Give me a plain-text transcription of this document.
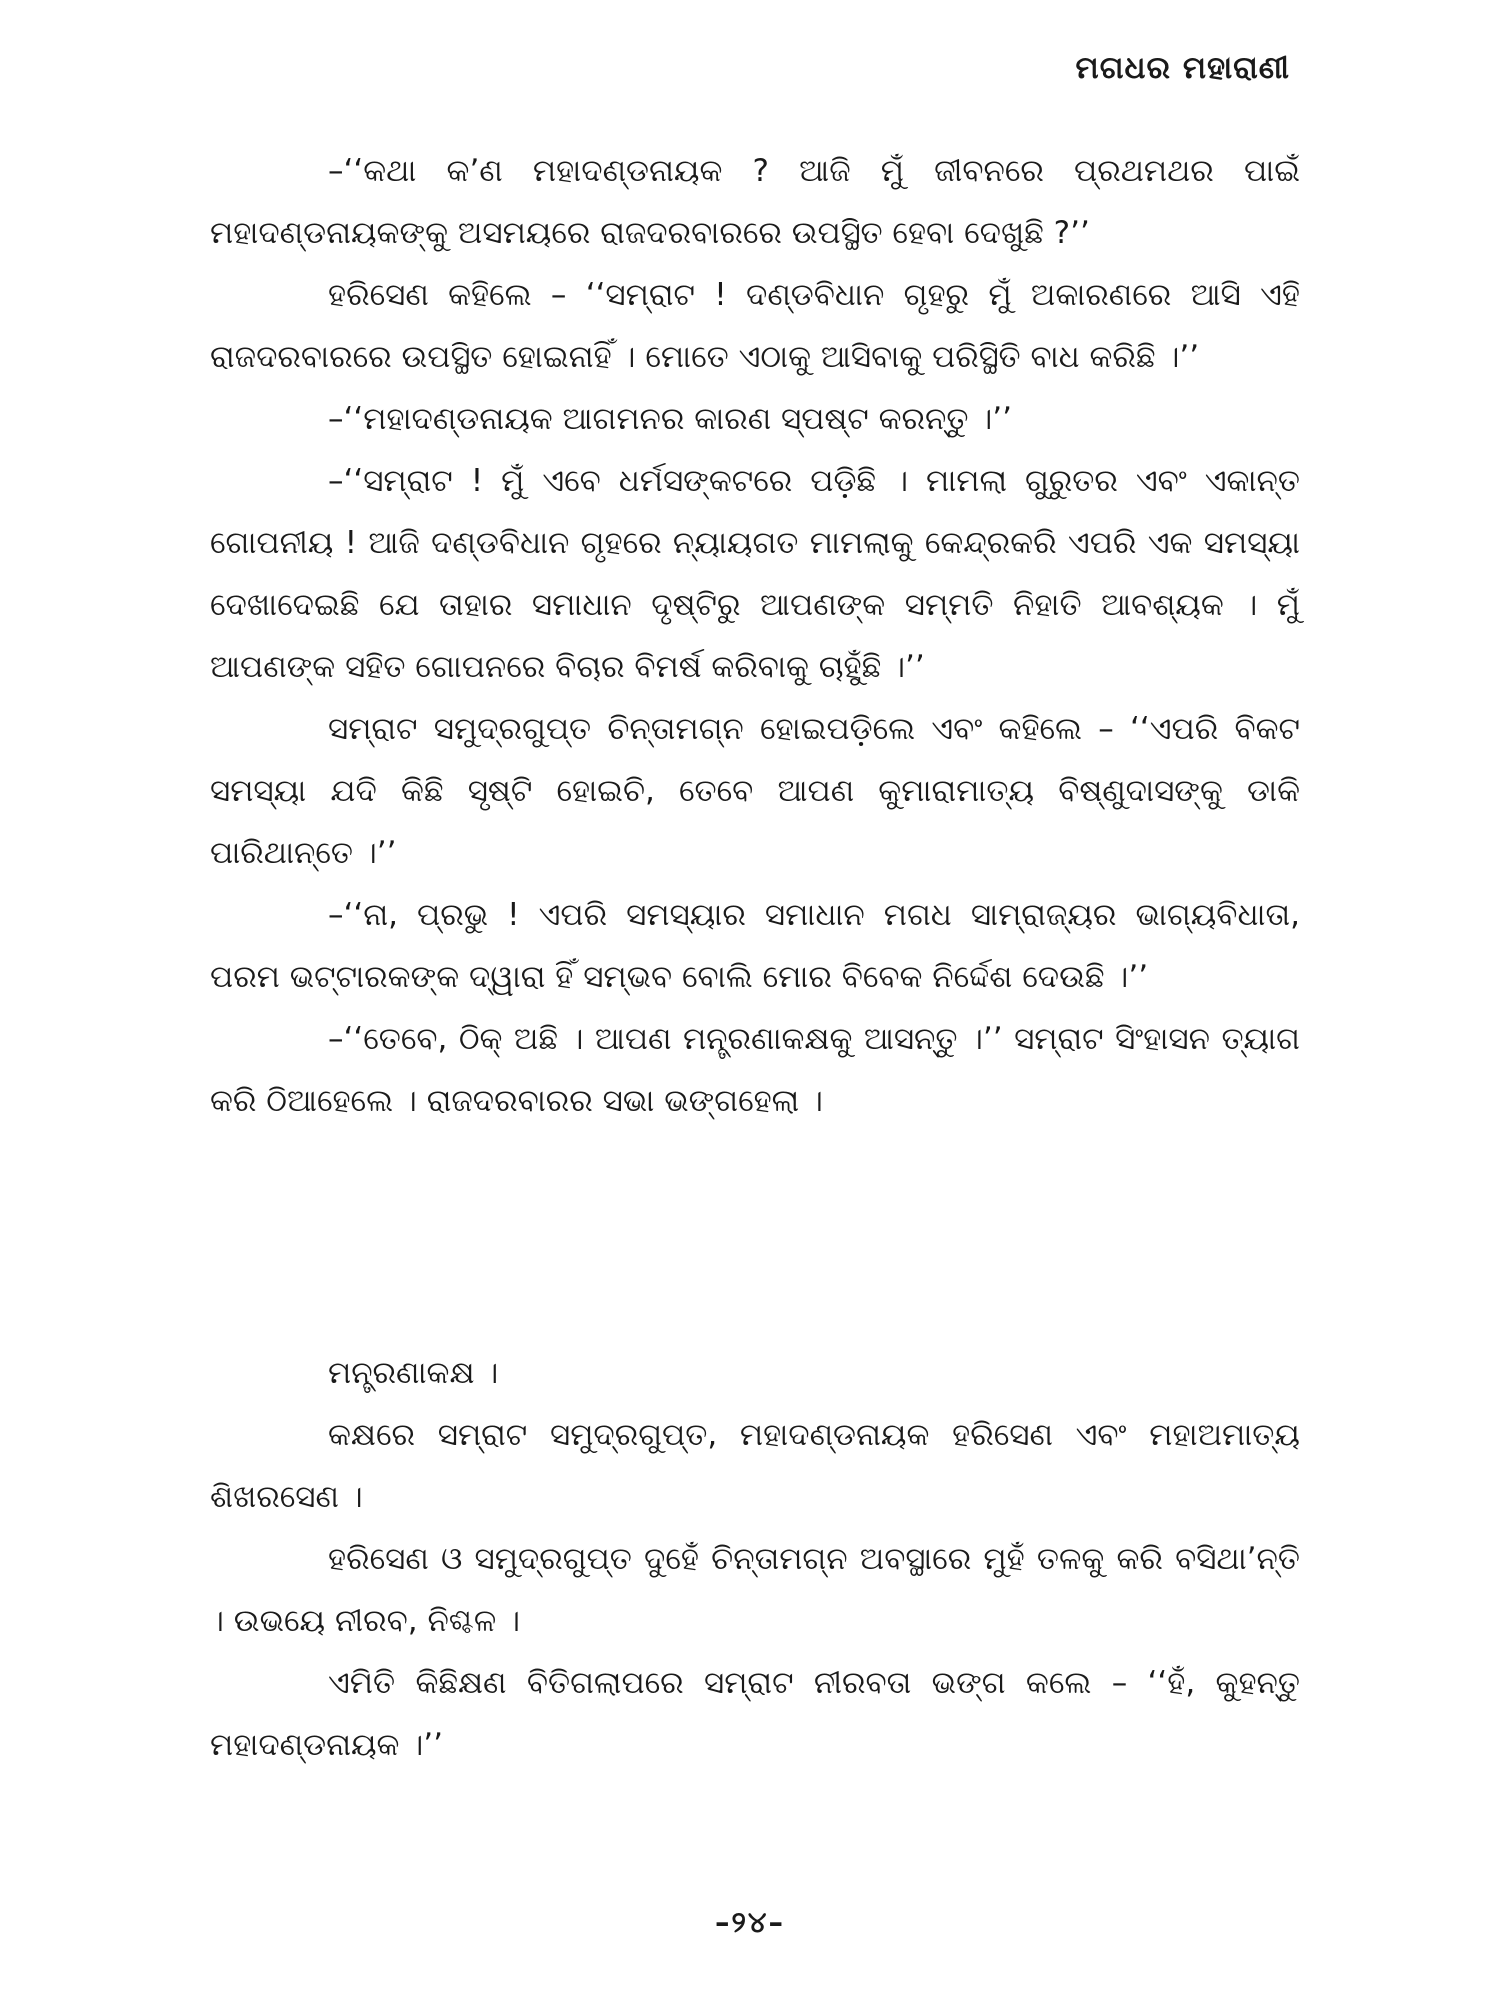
ମଗଧର ମହାରାଣୀ

–‘‘କଥା କ’ଣ ମହାଦଣ୍ଡନାୟକ ? ଆଜି ମୁଁ ଜୀବନରେ ପ୍ରଥମଥର ପାଇଁ ମହାଦଣ୍ଡନାୟକଙ୍କୁ ଅସମୟରେ ରାଜଦରବାରରେ ଉପସ୍ଥିତ ହେବା ଦେଖୁଛି ?’’

ହରିସେଣ କହିଲେ – ‘‘ସମ୍ରାଟ ! ଦଣ୍ଡବିଧାନ ଗୃହରୁ ମୁଁ ଅକାରଣରେ ଆସି ଏହି ରାଜଦରବାରରେ ଉପସ୍ଥିତ ହୋଇନାହିଁ । ମୋତେ ଏଠାକୁ ଆସିବାକୁ ପରିସ୍ଥିତି ବାଧ କରିଛି ।’’

–‘‘ମହାଦଣ୍ଡନାୟକ ଆଗମନର କାରଣ ସ୍ପଷ୍ଟ କରନ୍ତୁ ।’’

–‘‘ସମ୍ରାଟ ! ମୁଁ ଏବେ ଧର୍ମସଙ୍କଟରେ ପଡ଼ିଛି । ମାମଲା ଗୁରୁତର ଏବଂ ଏକାନ୍ତ ଗୋପନୀୟ ! ଆଜି ଦଣ୍ଡବିଧାନ ଗୃହରେ ନ୍ୟାୟଗତ ମାମଲାକୁ କେନ୍ଦ୍ରକରି ଏପରି ଏକ ସମସ୍ୟା ଦେଖାଦେଇଛି ଯେ ତାହାର ସମାଧାନ ଦୃଷ୍ଟିରୁ ଆପଣଙ୍କ ସମ୍ମତି ନିହାତି ଆବଶ୍ୟକ । ମୁଁ ଆପଣଙ୍କ ସହିତ ଗୋପନରେ ବିଚାର ବିମର୍ଷ କରିବାକୁ ଚାହୁଁଛି ।’’

ସମ୍ରାଟ ସମୁଦ୍ରଗୁପ୍ତ ଚିନ୍ତାମଗ୍ନ ହୋଇପଡ଼ିଲେ ଏବଂ କହିଲେ – ‘‘ଏପରି ବିକଟ ସମସ୍ୟା ଯଦି କିଛି ସୃଷ୍ଟି ହୋଇଚି, ତେବେ ଆପଣ କୁମାରାମାତ୍ୟ ବିଷ୍ଣୁଦାସଙ୍କୁ ଡାକି ପାରିଥାନ୍ତେ ।’’

–‘‘ନା, ପ୍ରଭୁ ! ଏପରି ସମସ୍ୟାର ସମାଧାନ ମଗଧ ସାମ୍ରାଜ୍ୟର ଭାଗ୍ୟବିଧାତା, ପରମ ଭଟ୍ଟାରକଙ୍କ ଦ୍ୱାରା ହିଁ ସମ୍ଭବ ବୋଲି ମୋର ବିବେକ ନିର୍ଦ୍ଦେଶ ଦେଉଛି ।’’

–‘‘ତେବେ, ଠିକ୍ ଅଛି । ଆପଣ ମନ୍ତ୍ରଣାକକ୍ଷକୁ ଆସନ୍ତୁ ।’’ ସମ୍ରାଟ ସିଂହାସନ ତ୍ୟାଗ କରି ଠିଆହେଲେ । ରାଜଦରବାରର ସଭା ଭଙ୍ଗହେଲା ।

ମନ୍ତ୍ରଣାକକ୍ଷ ।

କକ୍ଷରେ ସମ୍ରାଟ ସମୁଦ୍ରଗୁପ୍ତ, ମହାଦଣ୍ଡନାୟକ ହରିସେଣ ଏବଂ ମହାଅମାତ୍ୟ ଶିଖରସେଣ ।

ହରିସେଣ ଓ ସମୁଦ୍ରଗୁପ୍ତ ଦୁହେଁ ଚିନ୍ତାମଗ୍ନ ଅବସ୍ଥାରେ ମୁହଁ ତଳକୁ କରି ବସିଥା’ନ୍ତି । ଉଭୟେ ନୀରବ, ନିଶ୍ଚଳ ।

ଏମିତି କିଛିକ୍ଷଣ ବିତିଗଲାପରେ ସମ୍ରାଟ ନୀରବତା ଭଙ୍ଗ କଲେ – ‘‘ହଁ, କୁହନ୍ତୁ ମହାଦଣ୍ଡନାୟକ ।’’

–୨୪–
